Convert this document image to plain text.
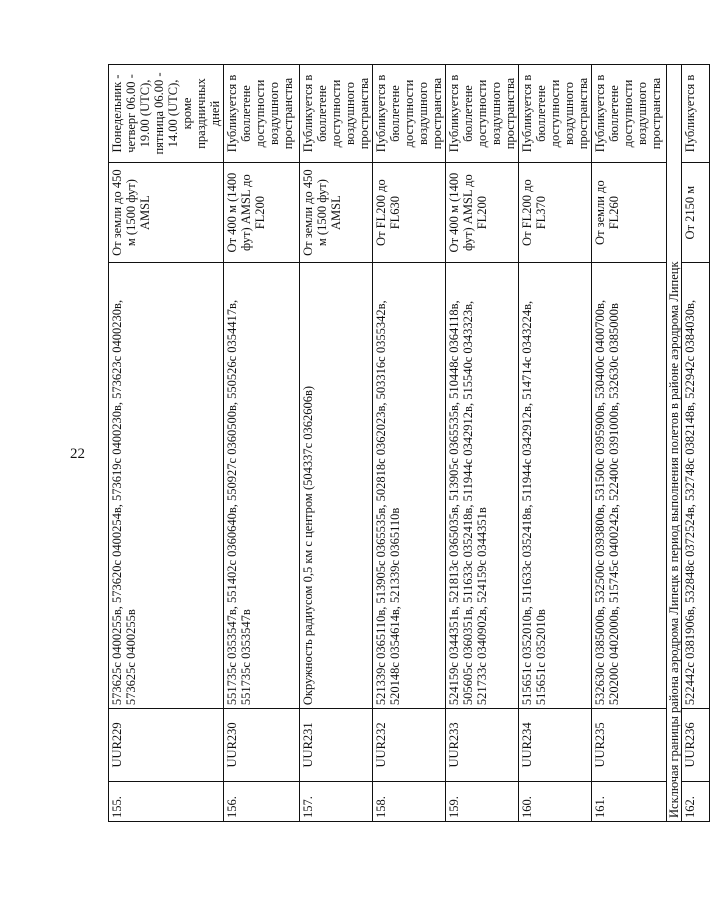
22
155.	UUR229	573625с 0400255в, 573620с 0400254в, 573619с 0400230в, 573623с 0400230в, 573625с 0400255в	От земли до 450 м (1500 фут) AMSL	Понедельник - четверг 06.00 - 19.00 (UTC), пятница 06.00 - 14.00 (UTC), кроме праздничных дней
156.	UUR230	551735с 0353547в, 551402с 0360640в, 550927с 0360500в, 550526с 0354417в, 551735с 0353547в	От 400 м (1400 фут) AMSL до FL200	Публикуется в бюллетене доступности воздушного пространства
157.	UUR231	Окружность радиусом 0,5 км с центром (504337с 0362606в)	От земли до 450 м (1500 фут) AMSL	Публикуется в бюллетене доступности воздушного пространства
158.	UUR232	521339с 0365110в, 513905с 0365535в, 502818с 0362023в, 503316с 0355342в, 520148с 0354614в, 521339с 0365110в	От FL200 до FL630	Публикуется в бюллетене доступности воздушного пространства
159.	UUR233	524159с 0344351в, 521813с 0365035в, 513905с 0365535в, 510448с 0364118в, 505605с 0360351в, 511633с 0352418в, 511944с 0342912в, 515540с 0343323в, 521733с 0340902в, 524159с 0344351в	От 400 м (1400 фут) AMSL до FL200	Публикуется в бюллетене доступности воздушного пространства
160.	UUR234	515651с 0352010в, 511633с 0352418в, 511944с 0342912в, 514714с 0343224в, 515651с 0352010в	От FL200 до FL370	Публикуется в бюллетене доступности воздушного пространства
161.	UUR235	532630с 0385000в, 532500с 0393800в, 531500с 0395900в, 530400с 0400700в, 520200с 0402000в, 515745с 0400242в, 522400с 0391000в, 532630с 0385000в	От земли до FL260	Публикуется в бюллетене доступности воздушного пространства
Исключая границы района аэродрома Липецк в период выполнения полетов в районе аэродрома Липецк				
162.	UUR236	522442с 0381906в, 532848с 0372524в, 532748с 0382148в, 522942с 0384030в,	От 2150 м	Публикуется в
